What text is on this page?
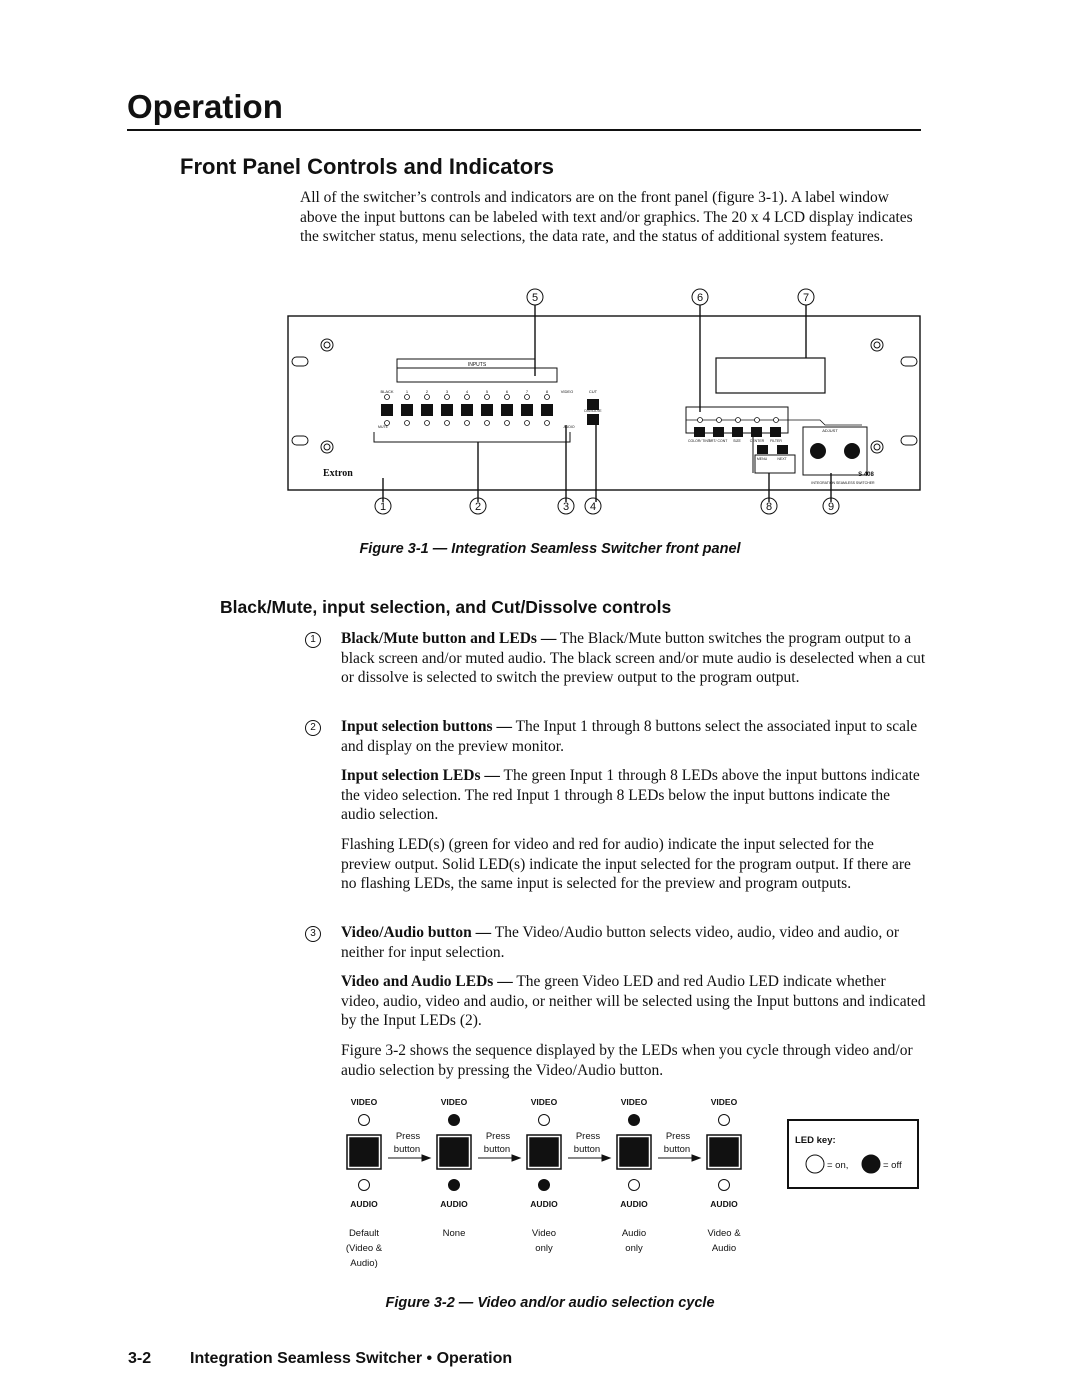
Operation
Front Panel Controls and Indicators
All of the switcher’s controls and indicators are on the front panel (figure 3-1). A label window above the input buttons can be labeled with text and/or graphics. The 20 x 4 LCD display indicates the switcher status, menu selections, the data rate, and the status of additional system features.
5	6	7
1	2	3 4	8	9
INPUTS
BLACK
MUTE
VIDEO
AUDIO
CUT
DISSOLVE
1	2	3	4	5	6	7	8
ADJUST
COLOR/ TINT
BRT/ CONT SIZE	CENTER FILTER
MENU	NEXT
S 408
INTEGRATION SEAMLESS SWITCHER
Extron
Figure 3-1 — Integration Seamless Switcher front panel
Black/Mute, input selection, and Cut/Dissolve controls
1	Black/Mute button and LEDs — The Black/Mute button switches the program output to a black screen and/or muted audio. The black screen and/or mute audio is deselected when a cut or dissolve is selected to switch the preview output to the program output.
2	Input selection buttons — The Input 1 through 8 buttons select the associated input to scale and display on the preview monitor.
Input selection LEDs — The green Input 1 through 8 LEDs above the input buttons indicate the video selection. The red Input 1 through 8 LEDs below the input buttons indicate the audio selection.
Flashing LED(s) (green for video and red for audio) indicate the input selected for the preview output. Solid LED(s) indicate the input selected for the program output. If there are no flashing LEDs, the same input is selected for the preview and program outputs.
3	Video/Audio button — The Video/Audio button selects video, audio, video and audio, or neither for input selection.
Video and Audio LEDs — The green Video LED and red Audio LED indicate whether video, audio, video and audio, or neither will be selected using the Input buttons and indicated by the Input LEDs (2).
Figure 3-2 shows the sequence displayed by the LEDs when you cycle through video and/or audio selection by pressing the Video/Audio button.
VIDEO	VIDEO	VIDEO	VIDEO	VIDEO
AUDIO	AUDIO	AUDIO	AUDIO	AUDIO
Press
button
Press
button
Press
button
Press
button
Default
(Video &
Audio)
None	Video
only
Audio
only
Video &
Audio
LED key:
= on,	= off
Figure 3-2 — Video and/or audio selection cycle
3-2 Integration Seamless Switcher • Operation
